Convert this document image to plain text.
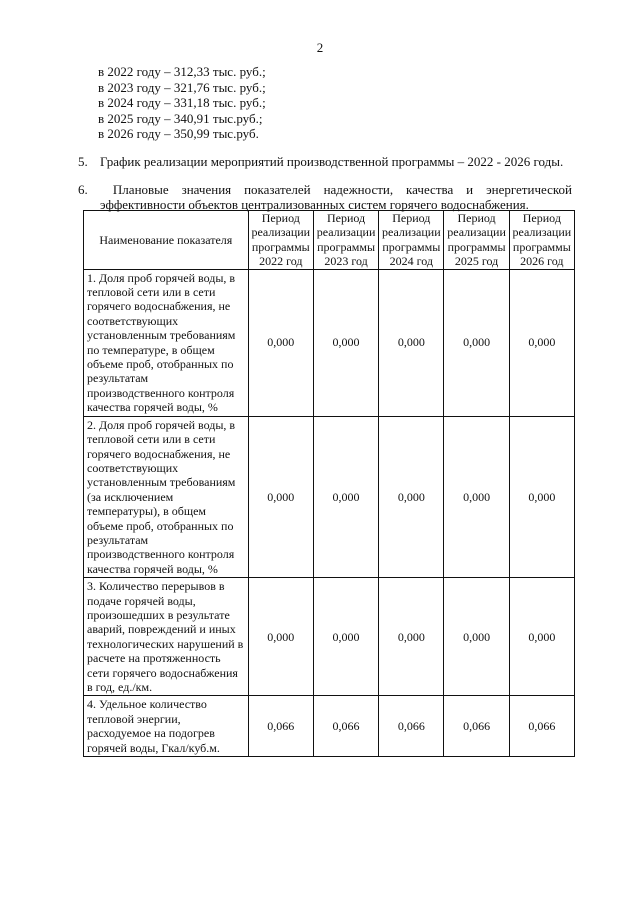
2
в 2022 году – 312,33 тыс. руб.;
в 2023 году – 321,76 тыс. руб.;
в 2024 году – 331,18 тыс. руб.;
в 2025 году – 340,91 тыс.руб.;
в 2026 году – 350,99 тыс.руб.
5. График реализации мероприятий производственной программы – 2022 - 2026 годы.
6.	Плановые значения показателей надежности, качества и энергетической
эффективности объектов централизованных систем горячего водоснабжения.
Наименование показателя	Период реализации программы 2022 год	Период реализации программы 2023 год	Период реализации программы 2024 год	Период реализации программы 2025 год	Период реализации программы 2026 год
1. Доля проб горячей воды, в тепловой сети или в сети горячего водоснабжения, не соответствующих установленным требованиям по температуре, в общем объеме проб, отобранных по результатам производственного контроля качества горячей воды, %	0,000	0,000	0,000	0,000	0,000
2. Доля проб горячей воды, в тепловой сети или в сети горячего водоснабжения, не соответствующих установленным требованиям (за исключением температуры), в общем объеме проб, отобранных по результатам производственного контроля качества горячей воды, %	0,000	0,000	0,000	0,000	0,000
3. Количество перерывов в подаче горячей воды, произошедших в результате аварий, повреждений и иных технологических нарушений в расчете на протяженность сети горячего водоснабжения в год, ед./км.	0,000	0,000	0,000	0,000	0,000
4. Удельное количество тепловой энергии, расходуемое на подогрев горячей воды, Гкал/куб.м.	0,066	0,066	0,066	0,066	0,066
